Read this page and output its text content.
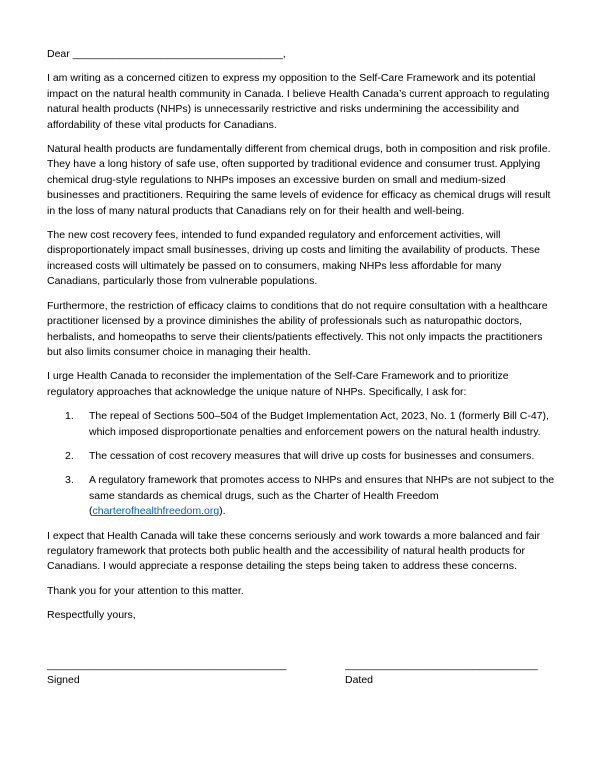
Dear ____________________________________,

I am writing as a concerned citizen to express my opposition to the Self-Care Framework and its potential impact on the natural health community in Canada. I believe Health Canada’s current approach to regulating natural health products (NHPs) is unnecessarily restrictive and risks undermining the accessibility and affordability of these vital products for Canadians.

Natural health products are fundamentally different from chemical drugs, both in composition and risk profile. They have a long history of safe use, often supported by traditional evidence and consumer trust. Applying chemical drug-style regulations to NHPs imposes an excessive burden on small and medium-sized businesses and practitioners. Requiring the same levels of evidence for efficacy as chemical drugs will result in the loss of many natural products that Canadians rely on for their health and well-being.

The new cost recovery fees, intended to fund expanded regulatory and enforcement activities, will disproportionately impact small businesses, driving up costs and limiting the availability of products. These increased costs will ultimately be passed on to consumers, making NHPs less affordable for many Canadians, particularly those from vulnerable populations.

Furthermore, the restriction of efficacy claims to conditions that do not require consultation with a healthcare practitioner licensed by a province diminishes the ability of professionals such as naturopathic doctors, herbalists, and homeopaths to serve their clients/patients effectively. This not only impacts the practitioners but also limits consumer choice in managing their health.

I urge Health Canada to reconsider the implementation of the Self-Care Framework and to prioritize regulatory approaches that acknowledge the unique nature of NHPs. Specifically, I ask for:

1.	The repeal of Sections 500–504 of the Budget Implementation Act, 2023, No. 1 (formerly Bill C-47), which imposed disproportionate penalties and enforcement powers on the natural health industry.
2.	The cessation of cost recovery measures that will drive up costs for businesses and consumers.
3.	A regulatory framework that promotes access to NHPs and ensures that NHPs are not subject to the same standards as chemical drugs, such as the Charter of Health Freedom (charterofhealthfreedom.org).

I expect that Health Canada will take these concerns seriously and work towards a more balanced and fair regulatory framework that protects both public health and the accessibility of natural health products for Canadians. I would appreciate a response detailing the steps being taken to address these concerns.

Thank you for your attention to this matter.

Respectfully yours,

_________________________________________
Signed
_________________________________
Dated
